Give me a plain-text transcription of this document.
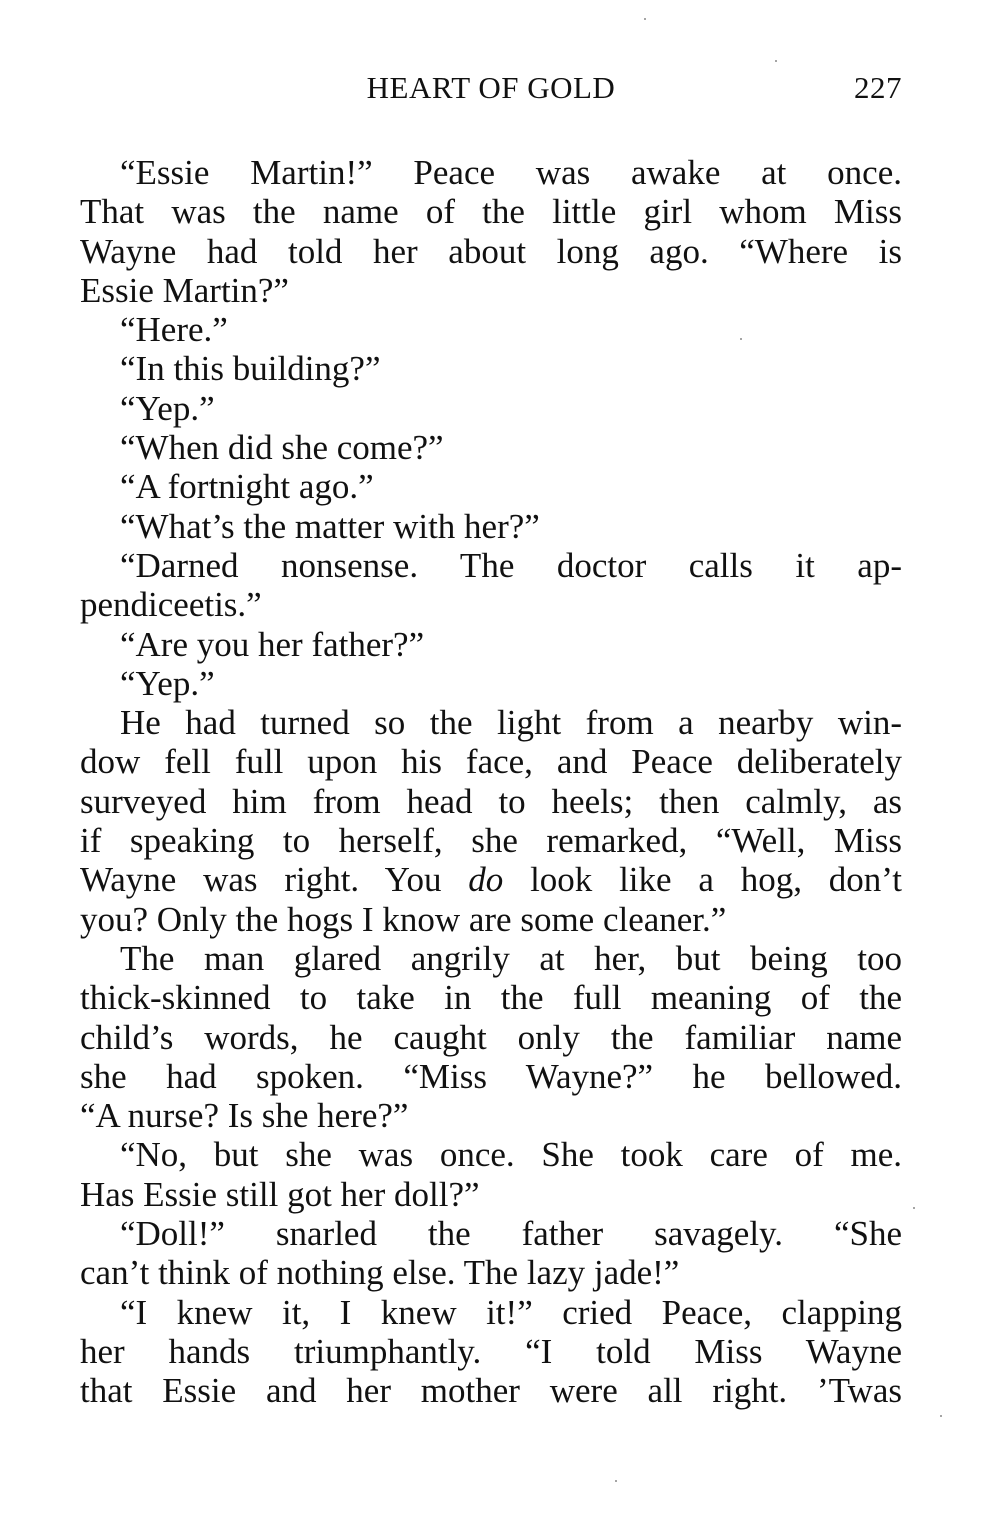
HEART OF GOLD	227
“Essie Martin!” Peace was awake at once.
That was the name of the little girl whom Miss
Wayne had told her about long ago. “Where is
Essie Martin?”
“Here.”
“In this building?”
“Yep.”
“When did she come?”
“A fortnight ago.”
“What’s the matter with her?”
“Darned nonsense. The doctor calls it ap-
pendiceetis.”
“Are you her father?”
“Yep.”
He had turned so the light from a nearby win-
dow fell full upon his face, and Peace deliberately
surveyed him from head to heels; then calmly, as
if speaking to herself, she remarked, “Well, Miss
Wayne was right. You do look like a hog, don’t
you? Only the hogs I know are some cleaner.”
The man glared angrily at her, but being too
thick-skinned to take in the full meaning of the
child’s words, he caught only the familiar name
she had spoken. “Miss Wayne?” he bellowed.
“A nurse? Is she here?”
“No, but she was once. She took care of me.
Has Essie still got her doll?”
“Doll!” snarled the father savagely. “She
can’t think of nothing else. The lazy jade!”
“I knew it, I knew it!” cried Peace, clapping
her hands triumphantly. “I told Miss Wayne
that Essie and her mother were all right. ’Twas
